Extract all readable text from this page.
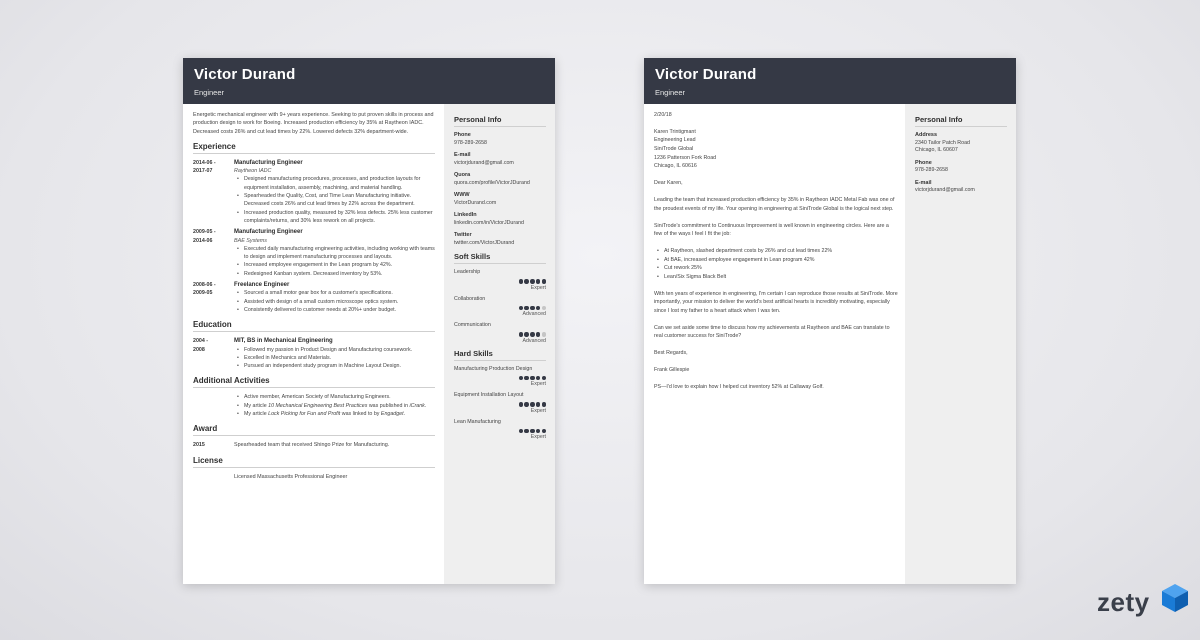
Victor Durand
Engineer
Energetic mechanical engineer with 9+ years experience. Seeking to put proven skills in process and production design to work for Boeing. Increased production efficiency by 35% at Raytheon IADC. Decreased costs 26% and cut lead times by 22%. Lowered defects 32% department-wide.
Experience
2014-06 -
2017-07
Manufacturing Engineer
Raytheon IADC
• Designed manufacturing procedures, processes, and production layouts for equipment installation, assembly, machining, and material handling.
• Spearheaded the Quality, Cost, and Time Lean Manufacturing initiative. Decreased costs 26% and cut lead times by 22% across the department.
• Increased production quality, measured by 32% less defects. 25% less customer complaints/returns, and 30% less rework on all projects.
2009-05 -
2014-06
Manufacturing Engineer
BAE Systems
• Executed daily manufacturing engineering activities, including working with teams to design and implement manufacturing processes and layouts.
• Increased employee engagement in the Lean program by 42%.
• Redesigned Kanban system. Decreased inventory by 53%.
2008-06 -
2009-05
Freelance Engineer
• Sourced a small motor gear box for a customer's specifications.
• Assisted with design of a small custom microscope optics system.
• Consistently delivered to customer needs at 20%+ under budget.
Education
2004 -
2008
MIT, BS in Mechanical Engineering
• Followed my passion in Product Design and Manufacturing coursework.
• Excelled in Mechanics and Materials.
• Pursued an independent study program in Machine Layout Design.
Additional Activities
• Active member, American Society of Manufacturing Engineers.
• My article 10 Mechanical Engineering Best Practices was published in iCrank.
• My article Lock Picking for Fun and Profit was linked to by Engadget.
Award
2015	Spearheaded team that received Shingo Prize for Manufacturing.
License
Licensed Massachusetts Professional Engineer
Personal Info
Phone
978-289-2658
E-mail
victorjdurand@gmail.com
Quora
quora.com/profile/VictorJDurand
WWW
VictorDurand.com
LinkedIn
linkedin.com/in/VictorJDurand
Twitter
twitter.com/VictorJDurand
Soft Skills
Leadership
Expert
Collaboration
Advanced
Communication
Advanced
Hard Skills
Manufacturing Production Design
Expert
Equipment Installation Layout
Expert
Lean Manufacturing
Expert
Victor Durand
Engineer

2/20/18

Karen Trintigmant
Engineering Lead
SiniTrode Global
1236 Patterson Fork Road
Chicago, IL 60616

Dear Karen,

Leading the team that increased production efficiency by 35% in Raytheon IADC Metal Fab was one of the proudest events of my life. Your opening in engineering at SiniTrode Global is the logical next step.

SiniTrode's commitment to Continuous Improvement is well known in engineering circles. Here are a few of the ways I feel I fit the job:

• At Raytheon, slashed department costs by 26% and cut lead times 22%
• At BAE, increased employee engagement in Lean program 42%
• Cut rework 25%
• Lean/Six Sigma Black Belt

With ten years of experience in engineering, I'm certain I can reproduce those results at SiniTrode. More importantly, your mission to deliver the world's best artificial hearts is incredibly motivating, especially since I lost my father to a heart attack when I was ten.

Can we set aside some time to discuss how my achievements at Raytheon and BAE can translate to real customer success for SiniTrode?

Best Regards,

Frank Gillespie

PS—I'd love to explain how I helped cut inventory 52% at Callaway Golf.

Personal Info
Address
2340 Tailor Patch Road
Chicago, IL 60607
Phone
978-289-2658
E-mail
victorjdurand@gmail.com
zety
